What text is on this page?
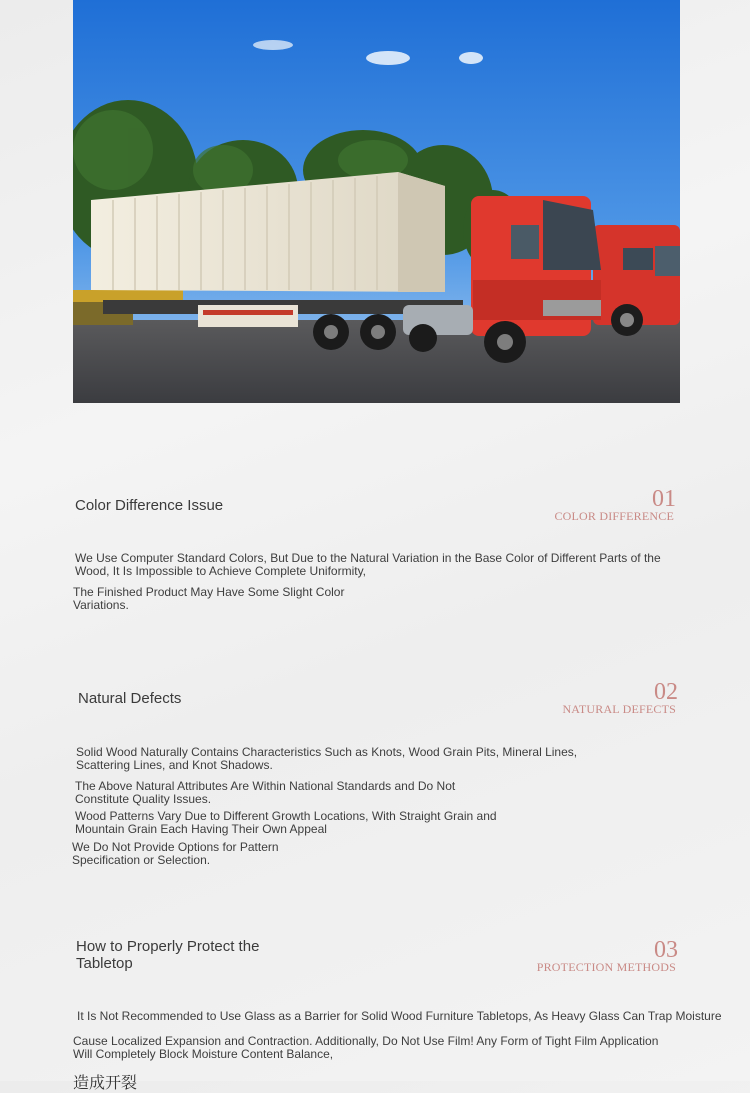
Color Difference Issue	01
COLOR DIFFERENCE
We Use Computer Standard Colors, But Due to the Natural Variation in the Base Color of Different Parts of the Wood, It Is Impossible to Achieve Complete Uniformity,
The Finished Product May Have Some Slight Color Variations.
Natural Defects	02
NATURAL DEFECTS
Solid Wood Naturally Contains Characteristics Such as Knots, Wood Grain Pits, Mineral Lines, Scattering Lines, and Knot Shadows.
The Above Natural Attributes Are Within National Standards and Do Not Constitute Quality Issues.
Wood Patterns Vary Due to Different Growth Locations, With Straight Grain and Mountain Grain Each Having Their Own Appeal
We Do Not Provide Options for Pattern Specification or Selection.
How to Properly Protect the Tabletop
03
PROTECTION METHODS
It Is Not Recommended to Use Glass as a Barrier for Solid Wood Furniture Tabletops, As Heavy Glass Can Trap Moisture
Cause Localized Expansion and Contraction. Additionally, Do Not Use Film! Any Form of Tight Film Application Will Completely Block Moisture Content Balance,
造成开裂
